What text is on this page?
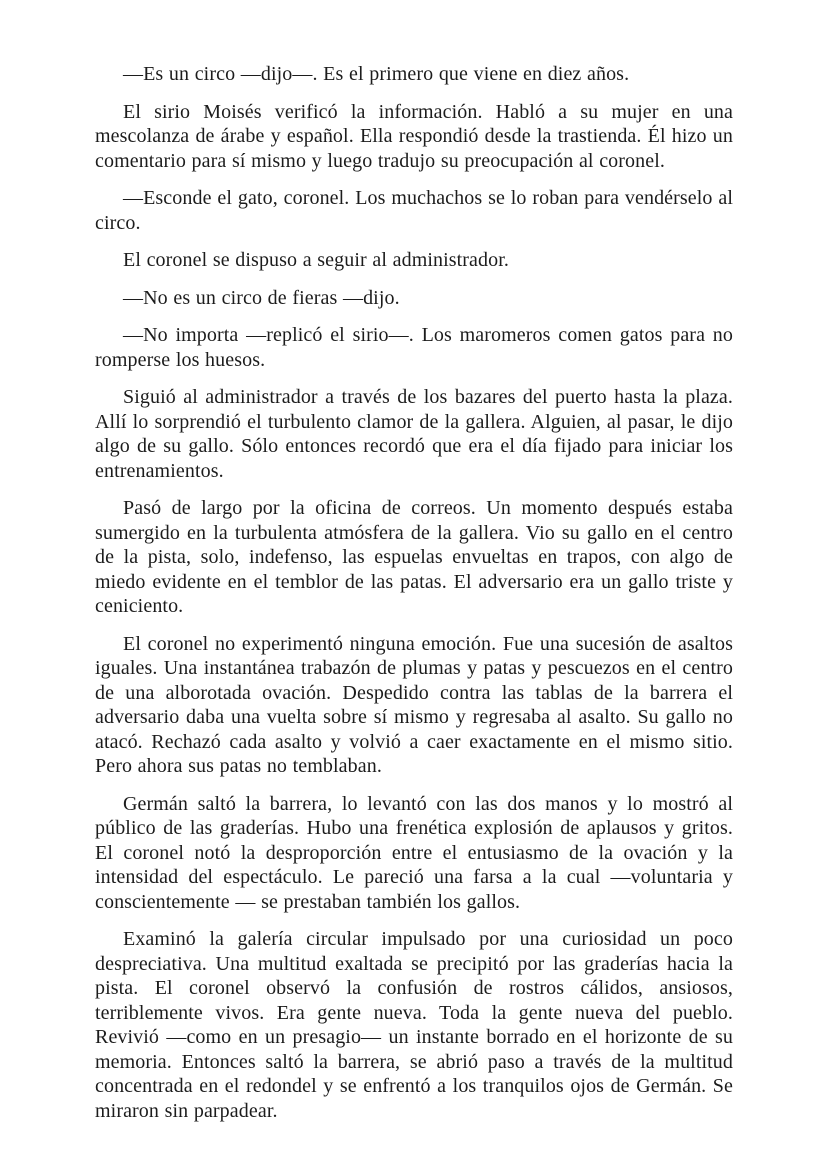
—Es un circo —dijo—. Es el primero que viene en diez años.

El sirio Moisés verificó la información. Habló a su mujer en una mescolanza de árabe y español. Ella respondió desde la trastienda. Él hizo un comentario para sí mismo y luego tradujo su preocupación al coronel.

—Esconde el gato, coronel. Los muchachos se lo roban para vendérselo al circo.

El coronel se dispuso a seguir al administrador.

—No es un circo de fieras —dijo.

—No importa —replicó el sirio—. Los maromeros comen gatos para no romperse los huesos.

Siguió al administrador a través de los bazares del puerto hasta la plaza. Allí lo sorprendió el turbulento clamor de la gallera. Alguien, al pasar, le dijo algo de su gallo. Sólo entonces recordó que era el día fijado para iniciar los entrenamientos.

Pasó de largo por la oficina de correos. Un momento después estaba sumergido en la turbulenta atmósfera de la gallera. Vio su gallo en el centro de la pista, solo, indefenso, las espuelas envueltas en trapos, con algo de miedo evidente en el temblor de las patas. El adversario era un gallo triste y ceniciento.

El coronel no experimentó ninguna emoción. Fue una sucesión de asaltos iguales. Una instantánea trabazón de plumas y patas y pescuezos en el centro de una alborotada ovación. Despedido contra las tablas de la barrera el adversario daba una vuelta sobre sí mismo y regresaba al asalto. Su gallo no atacó. Rechazó cada asalto y volvió a caer exactamente en el mismo sitio. Pero ahora sus patas no temblaban.

Germán saltó la barrera, lo levantó con las dos manos y lo mostró al público de las graderías. Hubo una frenética explosión de aplausos y gritos. El coronel notó la desproporción entre el entusiasmo de la ovación y la intensidad del espectáculo. Le pareció una farsa a la cual —voluntaria y conscientemente — se prestaban también los gallos.

Examinó la galería circular impulsado por una curiosidad un poco despreciativa. Una multitud exaltada se precipitó por las graderías hacia la pista. El coronel observó la confusión de rostros cálidos, ansiosos, terriblemente vivos. Era gente nueva. Toda la gente nueva del pueblo. Revivió —como en un presagio— un instante borrado en el horizonte de su memoria. Entonces saltó la barrera, se abrió paso a través de la multitud concentrada en el redondel y se enfrentó a los tranquilos ojos de Germán. Se miraron sin parpadear.
